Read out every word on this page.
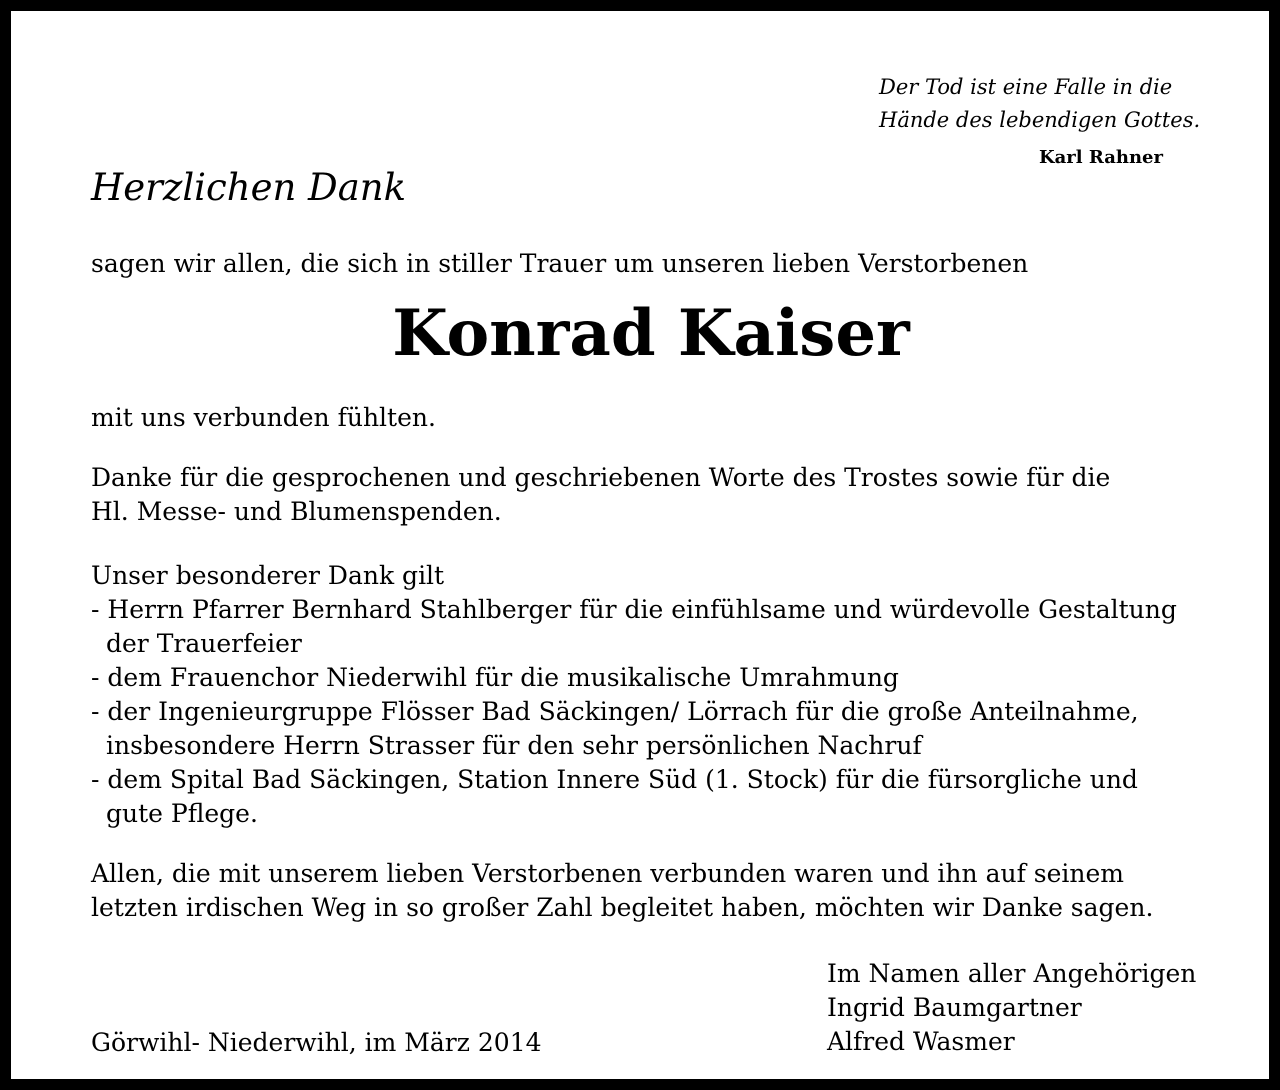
Der Tod ist eine Falle in die
Hände des lebendigen Gottes.
Karl Rahner
Herzlichen Dank
sagen wir allen, die sich in stiller Trauer um unseren lieben Verstorbenen
Konrad Kaiser
mit uns verbunden fühlten.
Danke für die gesprochenen und geschriebenen Worte des Trostes sowie für die
Hl. Messe- und Blumenspenden.
Unser besonderer Dank gilt
- Herrn Pfarrer Bernhard Stahlberger für die einfühlsame und würdevolle Gestaltung
der Trauerfeier
- dem Frauenchor Niederwihl für die musikalische Umrahmung
- der Ingenieurgruppe Flösser Bad Säckingen/ Lörrach für die große Anteilnahme,
insbesondere Herrn Strasser für den sehr persönlichen Nachruf
- dem Spital Bad Säckingen, Station Innere Süd (1. Stock) für die fürsorgliche und
gute Pflege.
Allen, die mit unserem lieben Verstorbenen verbunden waren und ihn auf seinem
letzten irdischen Weg in so großer Zahl begleitet haben, möchten wir Danke sagen.
Im Namen aller Angehörigen
Ingrid Baumgartner
Alfred Wasmer
Görwihl- Niederwihl, im März 2014
